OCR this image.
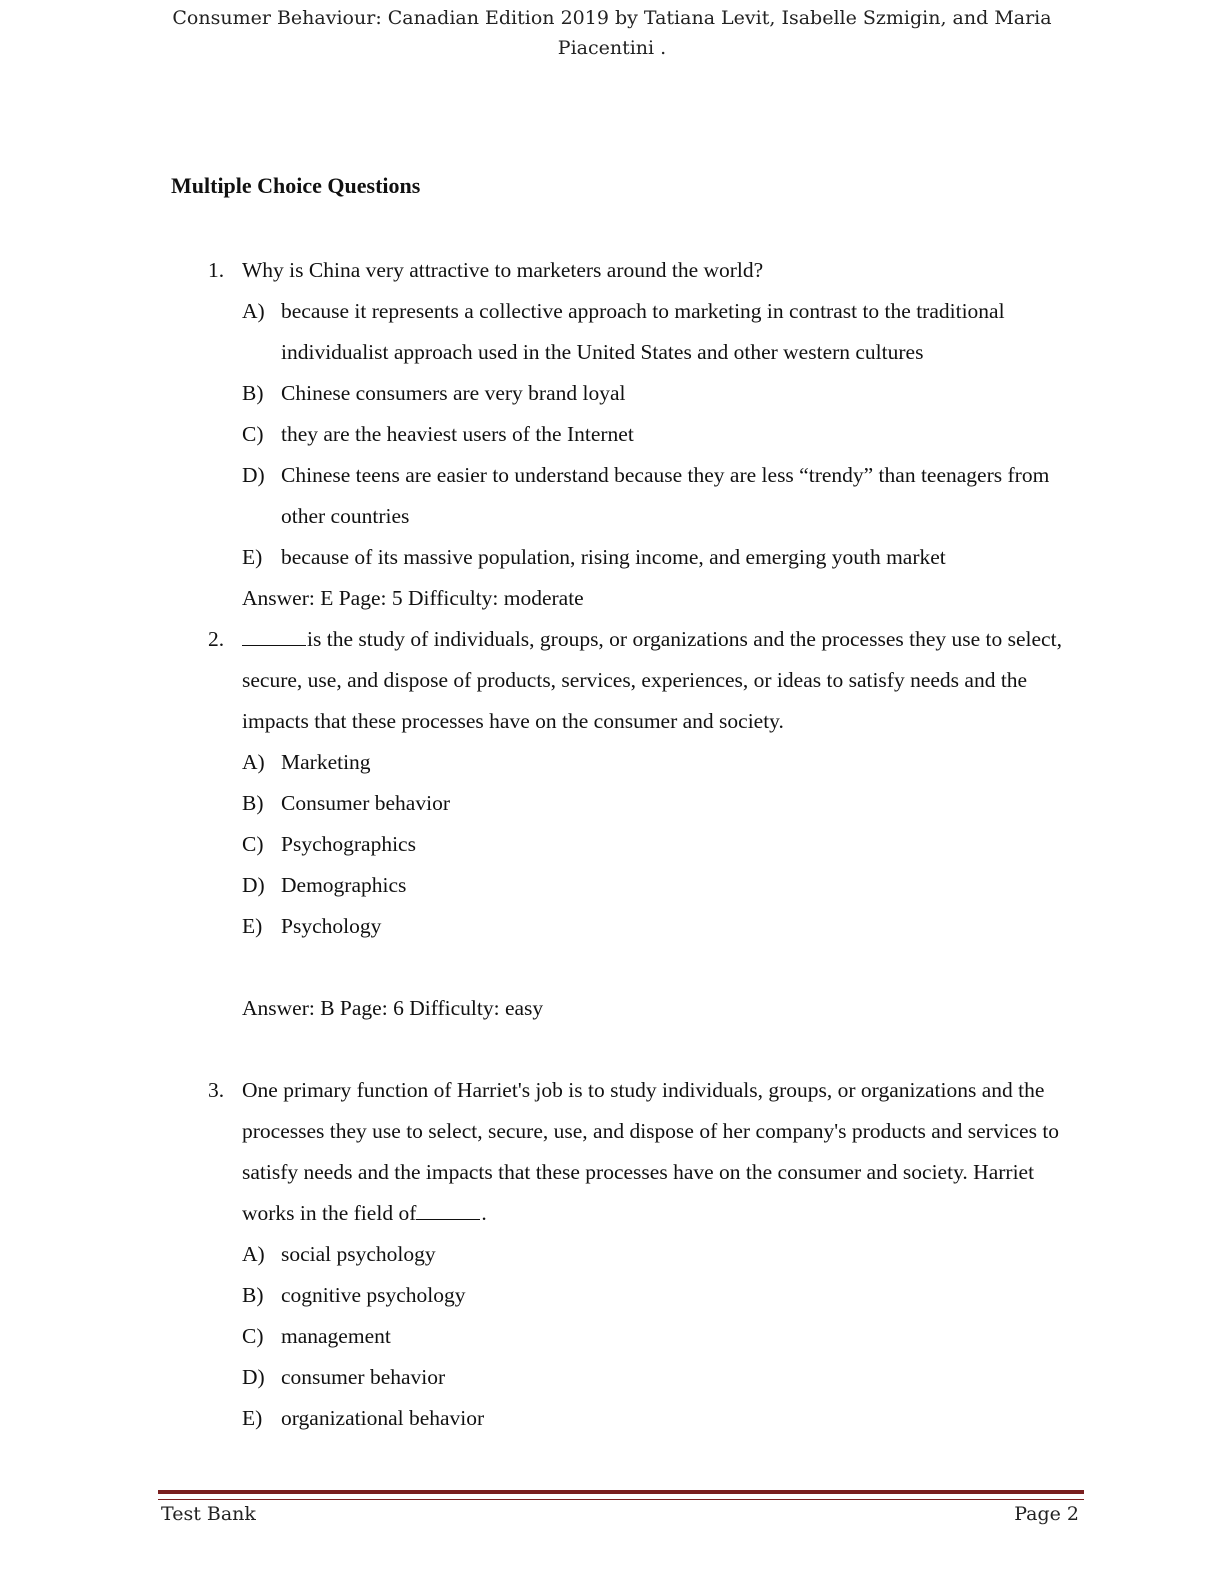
Consumer Behaviour: Canadian Edition 2019 by Tatiana Levit, Isabelle Szmigin, and Maria
Piacentini .
Multiple Choice Questions
1. Why is China very attractive to marketers around the world?
A) because it represents a collective approach to marketing in contrast to the traditional individualist approach used in the United States and other western cultures
B) Chinese consumers are very brand loyal
C) they are the heaviest users of the Internet
D) Chinese teens are easier to understand because they are less “trendy” than teenagers from other countries
E) because of its massive population, rising income, and emerging youth market
Answer: E Page: 5 Difficulty: moderate
2.	is the study of individuals, groups, or organizations and the processes they use to select, secure, use, and dispose of products, services, experiences, or ideas to satisfy needs and the impacts that these processes have on the consumer and society.
A) Marketing
B) Consumer behavior
C) Psychographics
D) Demographics
E) Psychology
Answer: B Page: 6 Difficulty: easy
3. One primary function of Harriet's job is to study individuals, groups, or organizations and the processes they use to select, secure, use, and dispose of her company's products and services to satisfy needs and the impacts that these processes have on the consumer and society. Harriet works in the field of	.
A) social psychology
B) cognitive psychology
C) management
D) consumer behavior
E) organizational behavior
Test Bank	Page 2
